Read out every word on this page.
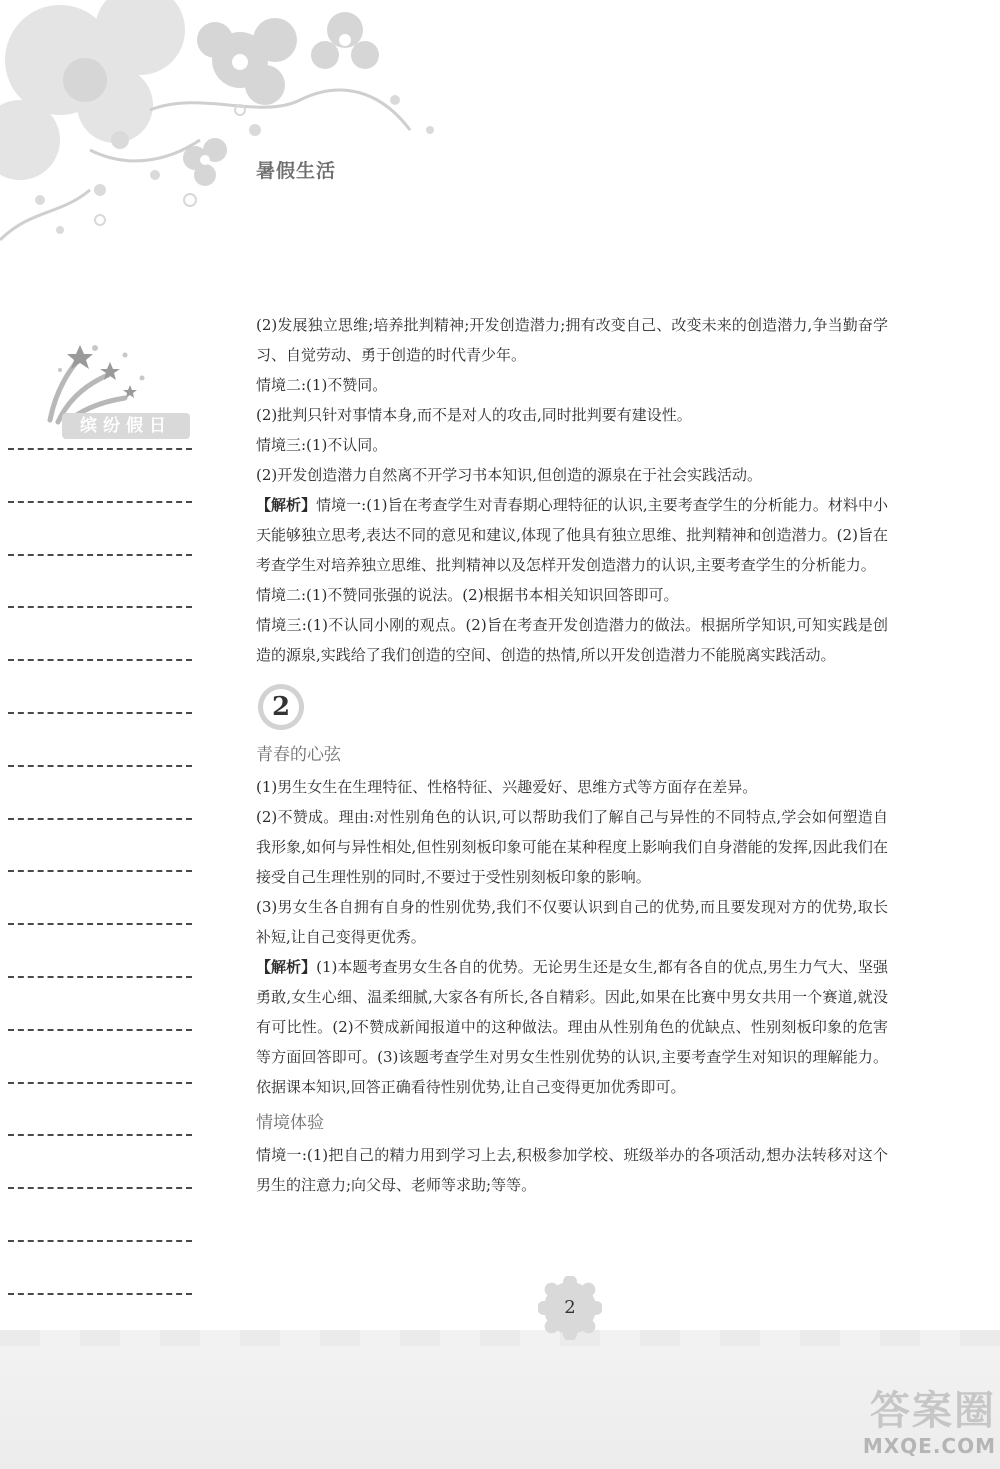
暑假生活
缤纷假日

(2)发展独立思维;培养批判精神;开发创造潜力;拥有改变自己、改变未来的创造潜力,争当勤奋学习、自觉劳动、勇于创造的时代青少年。

情境二:(1)不赞同。

(2)批判只针对事情本身,而不是对人的攻击,同时批判要有建设性。

情境三:(1)不认同。

(2)开发创造潜力自然离不开学习书本知识,但创造的源泉在于社会实践活动。

【解析】情境一:(1)旨在考查学生对青春期心理特征的认识,主要考查学生的分析能力。材料中小天能够独立思考,表达不同的意见和建议,体现了他具有独立思维、批判精神和创造潜力。(2)旨在考查学生对培养独立思维、批判精神以及怎样开发创造潜力的认识,主要考查学生的分析能力。

情境二:(1)不赞同张强的说法。(2)根据书本相关知识回答即可。

情境三:(1)不认同小刚的观点。(2)旨在考查开发创造潜力的做法。根据所学知识,可知实践是创造的源泉,实践给了我们创造的空间、创造的热情,所以开发创造潜力不能脱离实践活动。

2
青春的心弦

(1)男生女生在生理特征、性格特征、兴趣爱好、思维方式等方面存在差异。

(2)不赞成。理由:对性别角色的认识,可以帮助我们了解自己与异性的不同特点,学会如何塑造自我形象,如何与异性相处,但性别刻板印象可能在某种程度上影响我们自身潜能的发挥,因此我们在接受自己生理性别的同时,不要过于受性别刻板印象的影响。

(3)男女生各自拥有自身的性别优势,我们不仅要认识到自己的优势,而且要发现对方的优势,取长补短,让自己变得更优秀。

【解析】(1)本题考查男女生各自的优势。无论男生还是女生,都有各自的优点,男生力气大、坚强勇敢,女生心细、温柔细腻,大家各有所长,各自精彩。因此,如果在比赛中男女共用一个赛道,就没有可比性。(2)不赞成新闻报道中的这种做法。理由从性别角色的优缺点、性别刻板印象的危害等方面回答即可。(3)该题考查学生对男女生性别优势的认识,主要考查学生对知识的理解能力。依据课本知识,回答正确看待性别优势,让自己变得更加优秀即可。

情境体验

情境一:(1)把自己的精力用到学习上去,积极参加学校、班级举办的各项活动,想办法转移对这个男生的注意力;向父母、老师等求助;等等。

2
答案圈
MXQE.COM
